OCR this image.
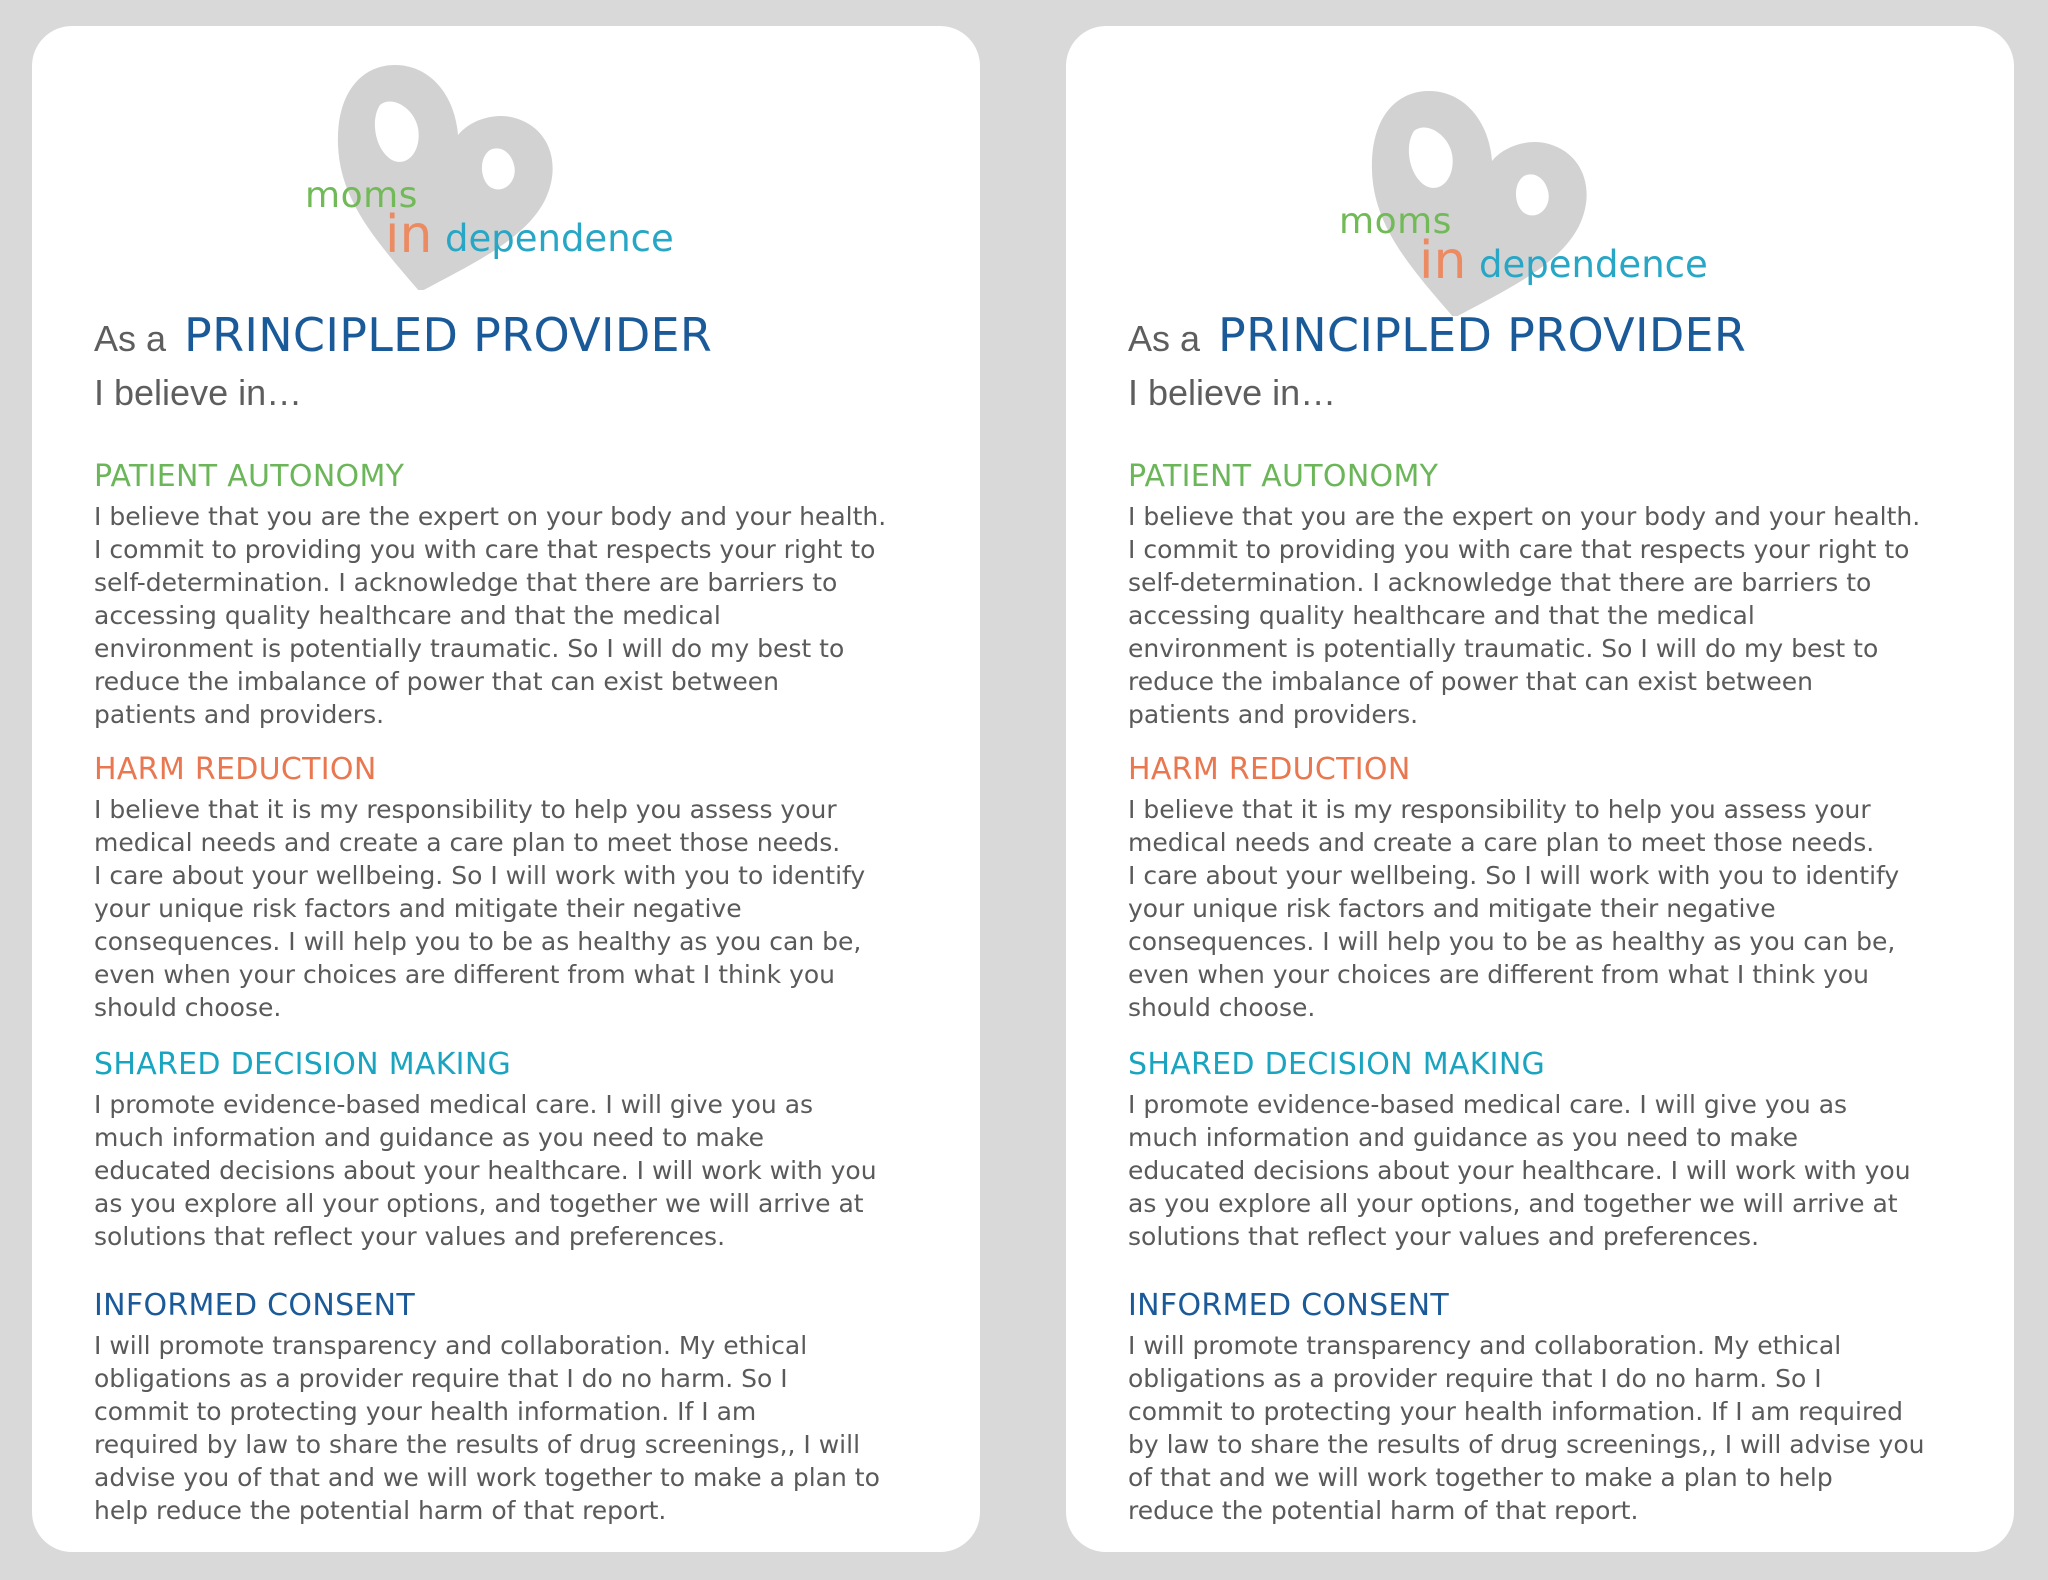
moms
in dependence
As a PRINCIPLED PROVIDER
I believe in…
PATIENT AUTONOMY
I believe that you are the expert on your body and your health.
I commit to providing you with care that respects your right to
self-determination. I acknowledge that there are barriers to
accessing quality healthcare and that the medical
environment is potentially traumatic. So I will do my best to
reduce the imbalance of power that can exist between
patients and providers.
HARM REDUCTION
I believe that it is my responsibility to help you assess your
medical needs and create a care plan to meet those needs.
I care about your wellbeing. So I will work with you to identify
your unique risk factors and mitigate their negative
consequences. I will help you to be as healthy as you can be,
even when your choices are different from what I think you
should choose.
SHARED DECISION MAKING
I promote evidence-based medical care. I will give you as
much information and guidance as you need to make
educated decisions about your healthcare. I will work with you
as you explore all your options, and together we will arrive at
solutions that reflect your values and preferences.
INFORMED CONSENT
I will promote transparency and collaboration. My ethical
obligations as a provider require that I do no harm. So I
commit to protecting your health information. If I am
required by law to share the results of drug screenings,, I will
advise you of that and we will work together to make a plan to
help reduce the potential harm of that report.
moms
in dependence
As a PRINCIPLED PROVIDER
I believe in…
PATIENT AUTONOMY
I believe that you are the expert on your body and your health.
I commit to providing you with care that respects your right to
self-determination. I acknowledge that there are barriers to
accessing quality healthcare and that the medical
environment is potentially traumatic. So I will do my best to
reduce the imbalance of power that can exist between
patients and providers.
HARM REDUCTION
I believe that it is my responsibility to help you assess your
medical needs and create a care plan to meet those needs.
I care about your wellbeing. So I will work with you to identify
your unique risk factors and mitigate their negative
consequences. I will help you to be as healthy as you can be,
even when your choices are different from what I think you
should choose.
SHARED DECISION MAKING
I promote evidence-based medical care. I will give you as
much information and guidance as you need to make
educated decisions about your healthcare. I will work with you
as you explore all your options, and together we will arrive at
solutions that reflect your values and preferences.
INFORMED CONSENT
I will promote transparency and collaboration. My ethical
obligations as a provider require that I do no harm. So I
commit to protecting your health information. If I am required
by law to share the results of drug screenings,, I will advise you
of that and we will work together to make a plan to help
reduce the potential harm of that report.
